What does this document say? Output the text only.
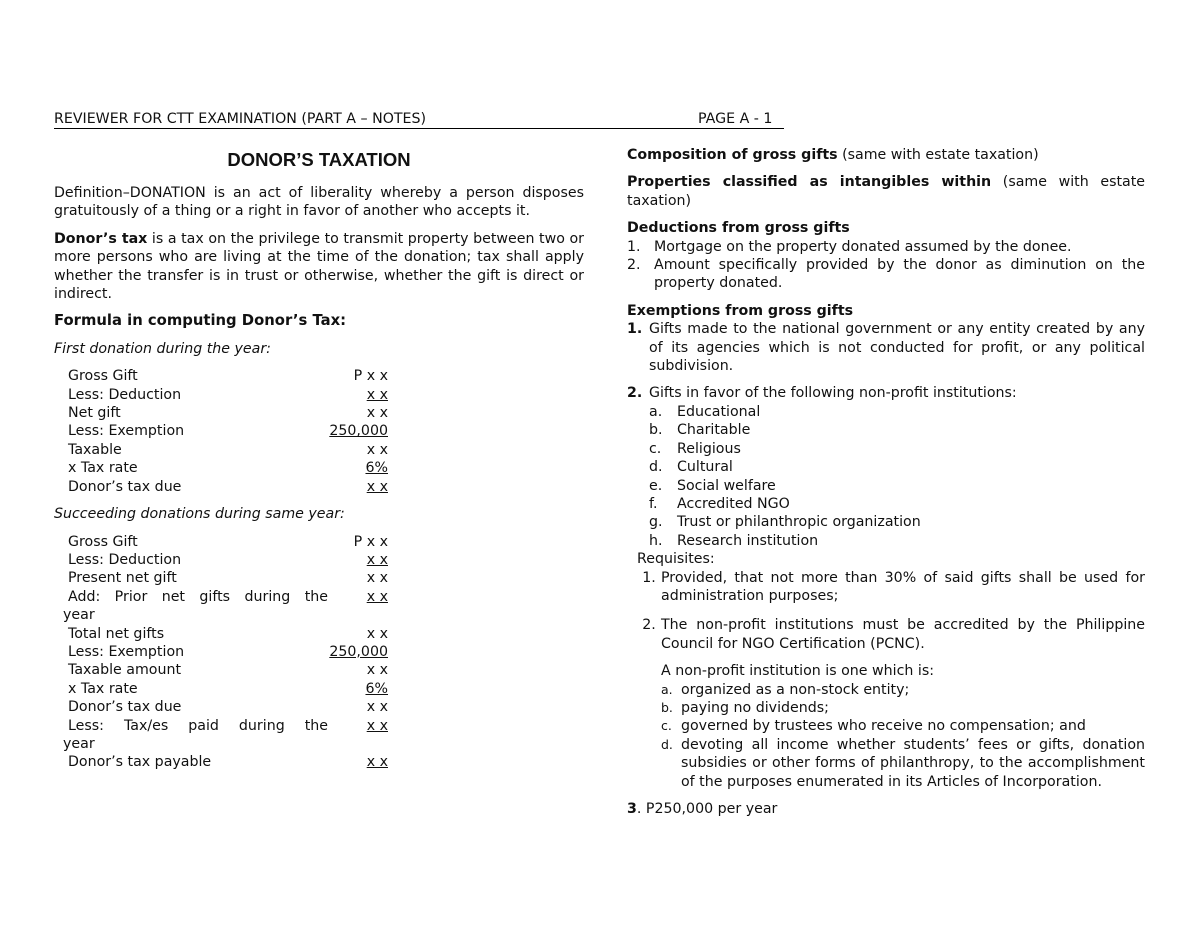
REVIEWER FOR CTT EXAMINATION (PART A – NOTES)	PAGE A - 1
DONOR’S TAXATION

Definition–DONATION is an act of liberality whereby a person disposes gratuitously of a thing or a right in favor of another who accepts it.

Donor’s tax is a tax on the privilege to transmit property between two or more persons who are living at the time of the donation; tax shall apply whether the transfer is in trust or otherwise, whether the gift is direct or indirect.

Formula in computing Donor’s Tax:

First donation during the year:

Gross Gift	P x x
Less: Deduction	x x
Net gift	x x
Less: Exemption	250,000
Taxable	x x
x Tax rate	6%
Donor’s tax due	x x

Succeeding donations during same year:

Gross Gift	P x x
Less: Deduction	x x
Present net gift	x x
Add: Prior net gifts during the	x x
year
Total net gifts	x x
Less: Exemption	250,000
Taxable amount	x x
x Tax rate	6%
Donor’s tax due	x x
Less: Tax/es paid during the	x x
year
Donor’s tax payable	x x

Composition of gross gifts (same with estate taxation)

Properties classified as intangibles within (same with estate taxation)

Deductions from gross gifts

1. Mortgage on the property donated assumed by the donee.
2. Amount specifically provided by the donor as diminution on the property donated.

Exemptions from gross gifts

1. Gifts made to the national government or any entity created by any of its agencies which is not conducted for profit, or any political subdivision.
2. Gifts in favor of the following non-profit institutions:
a.	Educational
b.	Charitable
c.	Religious
d.	Cultural
e.	Social welfare
f.	Accredited NGO
g.	Trust or philanthropic organization
h.	Research institution
Requisites:
1. Provided, that not more than 30% of said gifts shall be used for administration purposes;
2. The non-profit institutions must be accredited by the Philippine Council for NGO Certification (PCNC).
A non-profit institution is one which is:
a. organized as a non-stock entity;
b. paying no dividends;
c. governed by trustees who receive no compensation; and
d. devoting all income whether students’ fees or gifts, donation subsidies or other forms of philanthropy, to the accomplishment of the purposes enumerated in its Articles of Incorporation.

3. P250,000 per year
